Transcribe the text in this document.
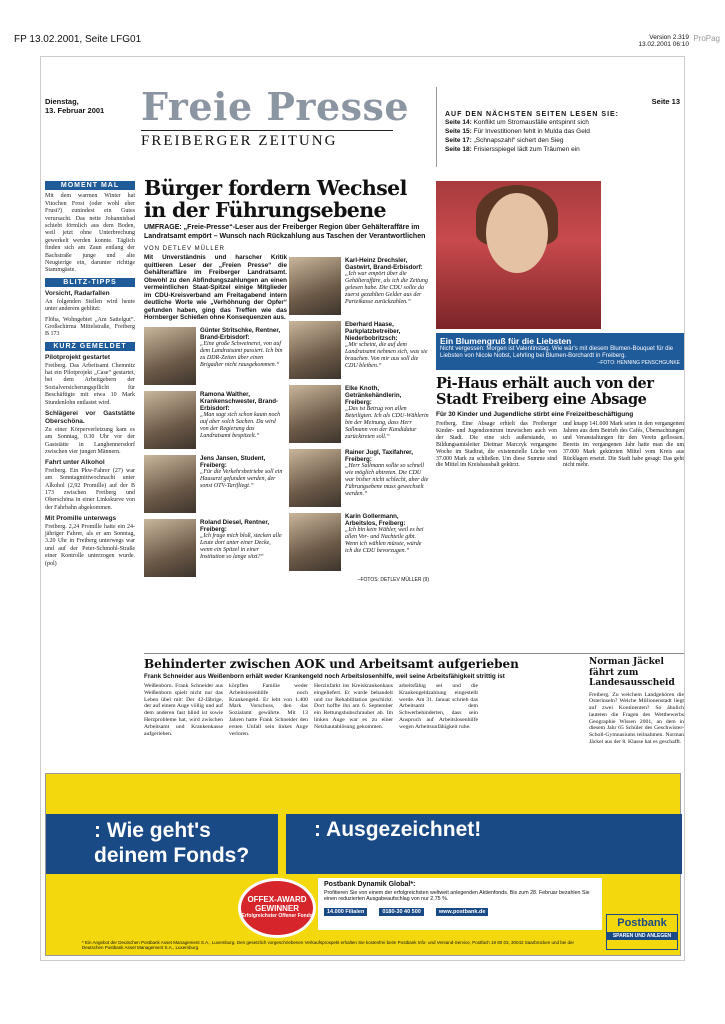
FP 13.02.2001, Seite LFG01	Version 2.319
13.02.2001 06:10
ProPag
Dienstag,
13. Februar 2001 Freie Presse
FREIBERGER ZEITUNG
Seite 13
AUF DEN NÄCHSTEN SEITEN LESEN SIE:
Seite 14: Konflikt um Stromausfälle entspinnt sich
Seite 15: Für Investitionen fehlt in Mulda das Geld
Seite 17: „Schnapszahl“ sichert den Sieg
Seite 18: Frisiersspiegel lädt zum Träumen ein
MOMENT MAL

Mit dem warmen Winter hat Vitochen Frost (oder wohl eher Frust?) zunindest ein Gutes verursacht. Das nette Johannisbad schiebt förmlich aus dem Boden, weil jetzt ohne Unterbrechung gewerkelt werden konnte. Täglich finden sich am Zaun entlang der Bachstraße junge und alte Neugierige ein, darunter richtige Stammgäste.

BLITZ-TIPPS

Vorsicht, Radarfallen
An folgenden Stellen wird heute unter anderem geblitzt:

Flöha, Wohngebiet „Am Sattelgut“. Großschirma Mittelstraße, Freiberg B 173

KURZ GEMELDET

Pilotprojekt gestartet
Freiberg. Das Arbeitsamt Chemnitz hat ein Pilotprojekt „Case“ gestartet, bei dem Arbeitgebern der Sozialversicherungspflicht für Beschäftigte mit etwa 10 Mark Stundenlohn entlastet wird.

Schlägerei vor Gaststätte Oberschöna.
Zu einer Körperverletzung kam es am Sonntag, 0.30 Uhr vor der Gaststätte in Langhennersdorf zwischen vier jungen Männern.

Fahrt unter Alkohol
Freiberg. Ein Pkw-Fahrer (27) war am Sonntagmittwochnacht unter Alkohol (2,92 Promille) auf der B 173 zwischen Freiberg und Oberschöna in einer Linkskurve von der Fahrbahn abgekommen.

Mit Promille unterwegs
Freiberg. 2,24 Promille hatte ein 24-jähriger Fahrer, als er am Sonntag, 3.20 Uhr in Freiberg unterwegs war und auf der Peter-Schmohl-Straße einer Kontrolle unterzogen wurde. (pol)

Bürger fordern Wechsel in der Führungsebene
UMFRAGE: „Freie-Presse“-Leser aus der Freiberger Region über Gehälteraffäre im Landratsamt empört – Wunsch nach Rückzahlung aus Taschen der Verantwortlichen
VON DETLEV MÜLLER
Mit Unverständnis und harscher Kritik quittieren Leser der „Freien Presse“ die Gehälteraffäre im Freiberger Landratsamt. Obwohl zu den Abfindungszahlungen an einen vermeintlichen Staat-Spitzel einige Mitglieder im CDU-Kreisverband am Freitagabend intern deutliche Worte wie „Verhöhnung der Opfer“ gefunden haben, ging das Treffen wie das Hornberger Schießen ohne Konsequenzen aus.
Günter Stritschke, Rentner, Brand-Erbisdorf:
„Eine große Schweinerei, von auf dem Landratsamt passiert. Ich bin zu DDR-Zeiten über einen Brigadier nicht rausgekommen.“
Ramona Walther, Krankenschwester, Brand-Erbisdorf:
„Man sagt sich schon kaum noch auf aber solch Sachen. Da wird von der Regierung das Landratsamt bespitzelt.“
Jens Jansen, Student, Freiberg:
„Für die Verkehrsbetriebe soll ein Hausarzt gefunden werden, der sonst OTV-Tarifliegt.“
Roland Diesel, Rentner, Freiberg:
„Ich frage mich bloß, stecken alle Leute dort unter einer Decke, wenn ein Spitzel in einer Institution so lange sitzt?“
Karl-Heinz Drechsler, Gastwirt, Brand-Erbisdorf:
„Ich war empört über die Gehälteraffäre, als ich die Zeitung gelesen habe. Die CDU sollte da zuerst gezahlten Gelder aus der Parteikasse zurückzahlen.“
Eberhard Haase, Parkplatzbetreiber, Niederbobritzsch:
„Mir scheint, die auf dem Landratsamt nehmen sich, was sie brauchen. Von mir aus soll die CDU bleiben.“
Elke Knoth, Getränkehändlerin, Freiberg:
„Das ist Betrug von allen Beteiligten. Ich als CDU-Wählerin bin der Meinung, dass Herr Sallmann von der Kandidatur zurücktreten soll.“
Rainer Jugl, Taxifahrer, Freiberg:
„Herr Sallmann sollte so schnell wie möglich abtreten. Die CDU war bisher nicht schlecht, aber die Führungsebene muss gewechselt werden.“
Karin Gollermann, Arbeitslos, Freiberg:
„Ich bin kein Wähler, weil es bei allen Vor- und Nachteile gibt. Wenn ich wählen müsste, würde ich die CDU bevorzugen.“
–FOTOS: DETLEV MÜLLER (9)
Ein Blumengruß für die Liebsten
Nicht vergessen: Morgen ist Valentinstag. Wie wär's mit diesem Blumen-Bouquet für die Liebsten von Nicole Nobst, Lehrling bei Blumen-Borchardt in Freiberg.
–FOTO: HENNING PENSCHGUNKE
Pi-Haus erhält auch von der Stadt Freiberg eine Absage
Für 30 Kinder und Jugendliche stirbt eine Freizeitbeschäftigung

Freiberg. Eine Absage erhielt das Freiberger Kinder- und Jugendzentrum inzwischen auch von der Stadt. Die eine sich außerstande, so Bildungsamtsleiter Dietmar Marczyk vergangene Woche im Stadtrat, die existenzielle Lücke von 37.000 Mark zu schließen. Um diese Summe sind die Mittel im Kreishaushalt gekürzt.

und knapp 141.000 Mark seien in den vergangenen Jahren aus dem Betrieb des Cafés, Übernachtungen und Veranstaltungen für den Verein geflossen. Bereits im vergangenen Jahr hatte man die um 37.000 Mark gekürzten Mittel vom Kreis aus Rücklagen ersetzt. Die Stadt habe gesagt: Das geht nicht mehr.

Behinderter zwischen AOK und Arbeitsamt aufgerieben
Frank Schneider aus Weißenborn erhält weder Krankengeld noch Arbeitslosenhilfe, weil seine Arbeitsfähigkeit strittig ist

Weißenborn. Frank Schneider aus Weißenborn spielt nicht nur das Leben übel mit: Der 42-Jährige, der auf einem Auge völlig und auf dem anderen fast blind ist sowie Herzprobleme hat, wird zwischen Arbeitsamt und Krankenkasse aufgerieben.

körpflen Familie weder Arbeitslosenhilfe noch Krankengeld. Er lebt von 1.400 Mark Vorschuss, den das Sozialamt gewährte. Mit 13 Jahren hatte Frank Schneider den ersten Unfall sein linkes Auge verloren.

Herzinfarkt ins Kreiskrankenhaus eingeliefert. Er wurde behandelt und zur Rehabilitation geschickt. Dort hoffte ihn am 6. September ein Rettungshubschrauber ab. Im linken Auge war es zu einer Netzhautablösung gekommen.

arbeitsfähig sei und die Krankengeldzahlung eingestellt werde. Am 31. Januar schrieb das Arbeitsamt dem Schwerbehinderten, dass sein Anspruch auf Arbeitslosenhilfe wegen Arbeitsunfähigkeit ruhe.

Norman Jäckel fährt zum Landesausscheid

Freiberg. Zu welchem Landgehören die Osterinseln? Welche Millionenstadt liegt auf zwei Kontinenten? So ähnlich lauteten die Fragen des Wettbewerbs Geographie Wissen 2001, an dem in diesem Jahr 65 Schüler des Geschwister-Scholl-Gymnasiums teilnahmen. Norman Jäckel aus der 8. Klasse hat es geschafft.

: Wie geht's deinem Fonds?
: Ausgezeichnet!
OFFEX-AWARD GEWINNER
Erfolgreichster Offener Fonds
Postbank Dynamik Global*:
Profitieren Sie von einem der erfolgreichsten weltweit anlegenden Aktienfonds. Bis zum 28. Februar bezahlen Sie einen reduzierten Ausgabeaufschlag von nur 2,75 %.
14.000 Filialen	0180-30 40 500	www.postbank.de
Postbank
SPAREN UND ANLEGEN
* Ein Angebot der Deutschen Postbank Asset Management S.A., Luxemburg. Den gesetzlich vorgeschriebenen Verkaufsprospekt erhalten Sie kostenfrei beim Postbank Info- und Versand-Service, Postfach 19 80 03, 30042 Saarbrücken und bei der Deutschen Postbank Asset Management S.A., Luxemburg.
